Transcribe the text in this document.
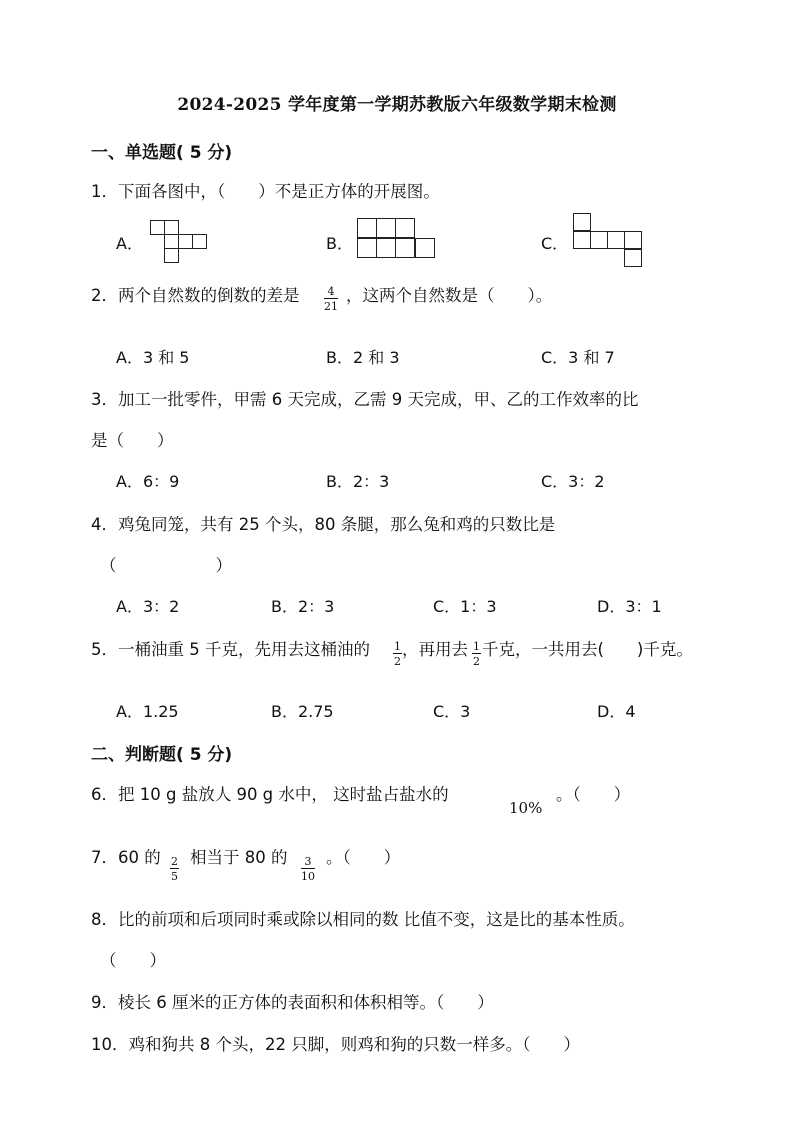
2024-2025 学年度第一学期苏教版六年级数学期末检测
一、单选题( 5 分)
1．下面各图中，（　　）不是正方体的开展图。
A．	B．	C．
2．两个自然数的倒数的差是	4
21
，这两个自然数是（　　）。
A．3 和 5	B．2 和 3	C．3 和 7
3．加工一批零件，甲需 6 天完成，乙需 9 天完成，甲、乙的工作效率的比
是（　　）
A．6：9	B．2：3	C．3：2
4．鸡兔同笼，共有 25 个头，80 条腿，那么兔和鸡的只数比是
（　　　　　　）
A．3：2	B．2：3	C．1：3	D．3：1
5．一桶油重 5 千克，先用去这桶油的 1
2
，再用去 1
2
千克，一共用去(　　)千克。
A．1.25	B．2.75	C．3	D．4
二、判断题( 5 分)
6．把 10 g 盐放人 90 g 水中， 这时盐占盐水的
10%
。（　　）
7．60 的 2
5
相当于 80 的 3
10
。（　　）
8．比的前项和后项同时乘或除以相同的数 比值不变，这是比的基本性质。
（　　）
9．棱长 6 厘米的正方体的表面积和体积相等。（　　）
10．鸡和狗共 8 个头，22 只脚，则鸡和狗的只数一样多。（　　）
